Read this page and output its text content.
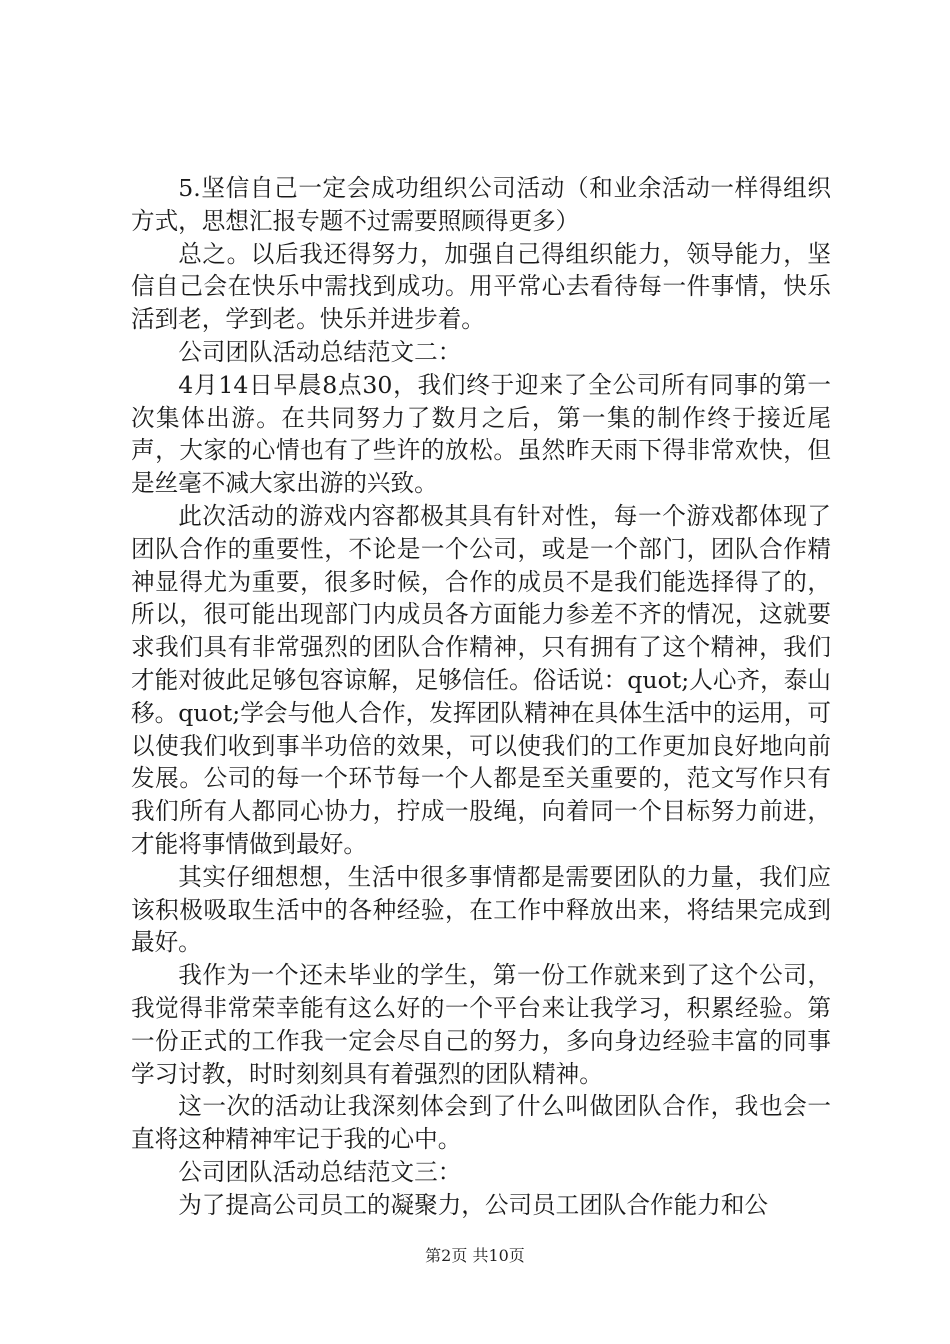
5.坚信自己一定会成功组织公司活动（和业余活动一样得组织方式，思想汇报专题不过需要照顾得更多）

总之。以后我还得努力，加强自己得组织能力，领导能力，坚信自己会在快乐中需找到成功。用平常心去看待每一件事情，快乐活到老，学到老。快乐并进步着。

公司团队活动总结范文二：

4月14日早晨8点30，我们终于迎来了全公司所有同事的第一次集体出游。在共同努力了数月之后，第一集的制作终于接近尾声，大家的心情也有了些许的放松。虽然昨天雨下得非常欢快，但是丝毫不减大家出游的兴致。

此次活动的游戏内容都极其具有针对性，每一个游戏都体现了团队合作的重要性，不论是一个公司，或是一个部门，团队合作精神显得尤为重要，很多时候，合作的成员不是我们能选择得了的，所以，很可能出现部门内成员各方面能力参差不齐的情况，这就要求我们具有非常强烈的团队合作精神，只有拥有了这个精神，我们才能对彼此足够包容谅解，足够信任。俗话说：quot;人心齐，泰山移。quot;学会与他人合作，发挥团队精神在具体生活中的运用，可以使我们收到事半功倍的效果，可以使我们的工作更加良好地向前发展。公司的每一个环节每一个人都是至关重要的，范文写作只有我们所有人都同心协力，拧成一股绳，向着同一个目标努力前进，才能将事情做到最好。

其实仔细想想，生活中很多事情都是需要团队的力量，我们应该积极吸取生活中的各种经验，在工作中释放出来，将结果完成到最好。

我作为一个还未毕业的学生，第一份工作就来到了这个公司，我觉得非常荣幸能有这么好的一个平台来让我学习，积累经验。第一份正式的工作我一定会尽自己的努力，多向身边经验丰富的同事学习讨教，时时刻刻具有着强烈的团队精神。

这一次的活动让我深刻体会到了什么叫做团队合作，我也会一直将这种精神牢记于我的心中。

公司团队活动总结范文三：

为了提高公司员工的凝聚力，公司员工团队合作能力和公

第2页 共10页
